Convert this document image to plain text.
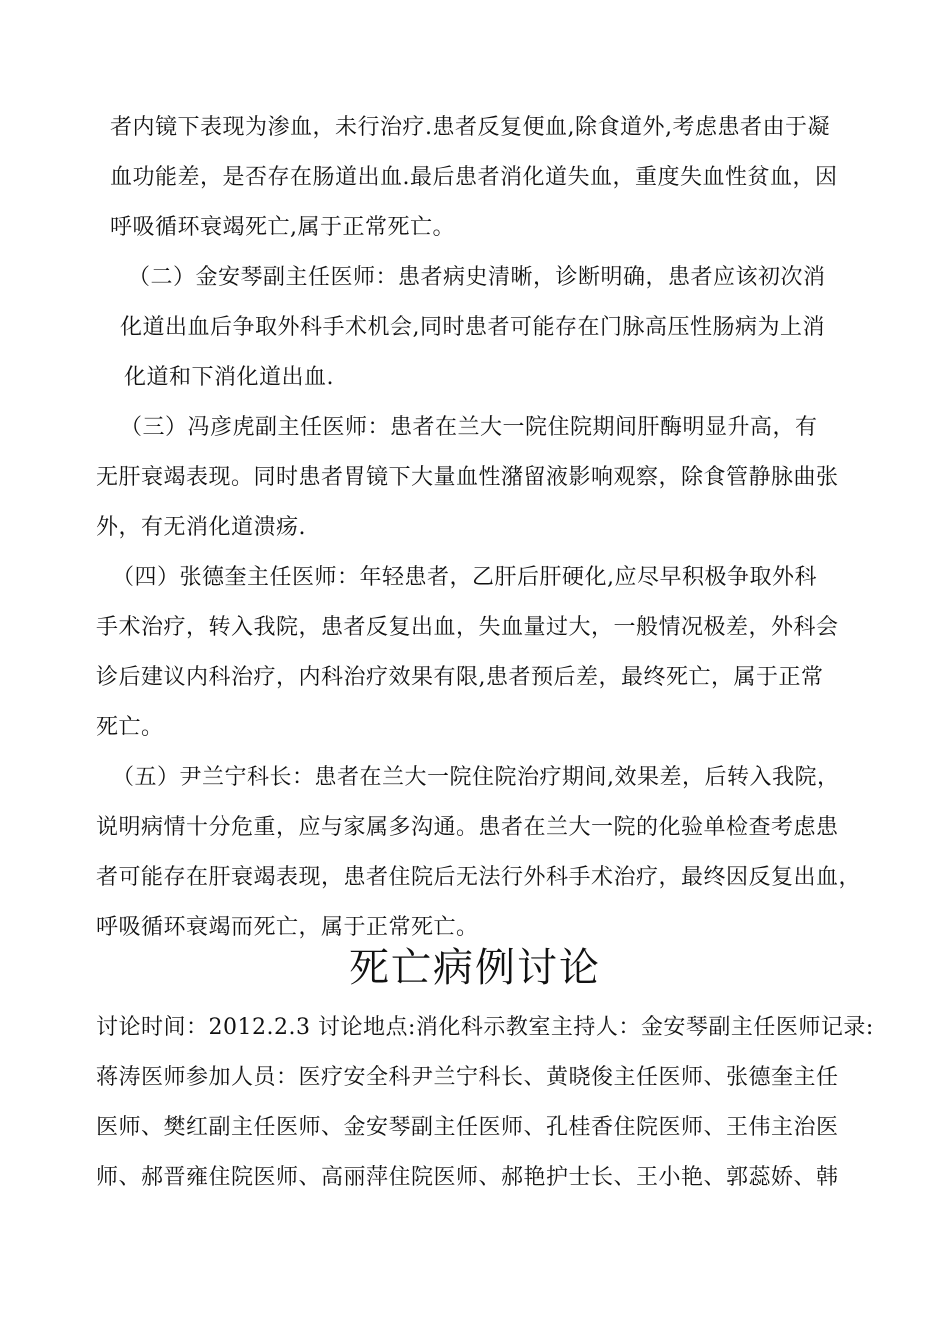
者内镜下表现为渗血，未行治疗.患者反复便血,除食道外,考虑患者由于凝
血功能差，是否存在肠道出血.最后患者消化道失血，重度失血性贫血，因
呼吸循环衰竭死亡,属于正常死亡。
（二）金安琴副主任医师：患者病史清晰，诊断明确，患者应该初次消
化道出血后争取外科手术机会,同时患者可能存在门脉高压性肠病为上消
化道和下消化道出血.
（三）冯彦虎副主任医师：患者在兰大一院住院期间肝酶明显升高，有
无肝衰竭表现。同时患者胃镜下大量血性潴留液影响观察，除食管静脉曲张
外，有无消化道溃疡.
（四）张德奎主任医师：年轻患者，乙肝后肝硬化,应尽早积极争取外科
手术治疗，转入我院，患者反复出血，失血量过大，一般情况极差，外科会
诊后建议内科治疗，内科治疗效果有限,患者预后差，最终死亡，属于正常
死亡。
（五）尹兰宁科长：患者在兰大一院住院治疗期间,效果差，后转入我院，
说明病情十分危重，应与家属多沟通。患者在兰大一院的化验单检查考虑患
者可能存在肝衰竭表现，患者住院后无法行外科手术治疗，最终因反复出血，
呼吸循环衰竭而死亡，属于正常死亡。
死亡病例讨论
讨论时间：2012.2.3 讨论地点:消化科示教室主持人：金安琴副主任医师记录:
蒋涛医师参加人员：医疗安全科尹兰宁科长、黄晓俊主任医师、张德奎主任
医师、樊红副主任医师、金安琴副主任医师、孔桂香住院医师、王伟主治医
师、郝晋雍住院医师、高丽萍住院医师、郝艳护士长、王小艳、郭蕊娇、韩
